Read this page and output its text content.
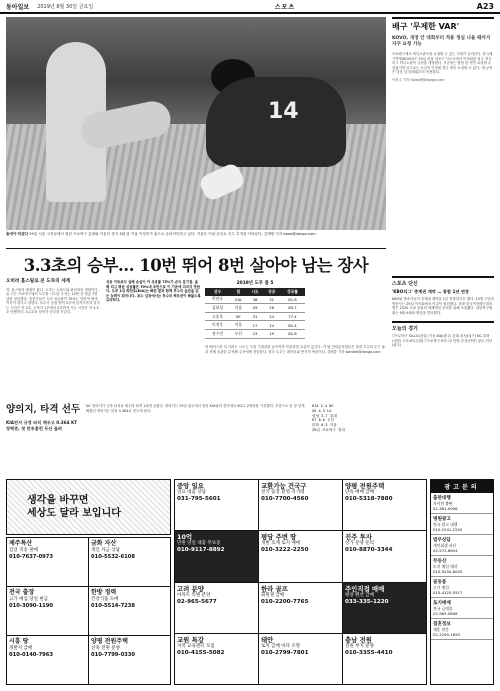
동아일보 2019년 8월 30일 금요일	스포츠	A23
14
홈에야 하겠다 29일 서울 고척돔에서 열린 프로야구 롯데와 키움의 경기 3회 말 키움 이정후가 홈으로 슬라이딩하고 있다. 키움은 이날 승리로 선두 추격을 이어갔다. 김재명 기자 base@donga.com
배구 '무제한 VAR'
KOVO, 개정 안 대회부터 적용 정심 나올 때까지 자꾸 요청 가능
프로배구에서 비디오판독을 요청할 수 있는 기회가 늘어난다. 한국배구연맹(KOVO)은 29일 서울 마포구 사무국에서 이사회를 열고 정규리그 비디오판독 규정을 개정했다. 기존에는 팀당 한 번만 요청할 수 있었지만 앞으로는 오심이 인정될 경우 계속 요청할 수 있다. 새 규정은 다음 달 컵대회부터 적용된다.
이원주 기자 takeoff@donga.com
3.3초의 승부… 10번 뛰어 8번 살아야 남는 장사
오히려 홈스틸로 본 도루의 세계
자, 홈스틸의 계절이 왔다. 도루는 스피드와 판단력의 결합이다. 올 시즌 프로야구에서 도루를 시도한 주자는 10번 중 평균 7번 남짓 성공했다. 전문가들은 도루 성공률이 75%는 넘어야 팀에 이득이 된다고 말한다. 포수가 공을 받아 2루에 던지기까지 걸리는 시간은 약 2초, 주자가 1루에서 2루까지 가는 시간은 약 3.3초 안팎이다. 0.1초의 차이가 승부를 가른다.
성공 이득보다 실패 손실이 커 성공률 75%가 손익 분기점. 올해 리그 평균 성공률은 70%대 초반으로 이 기준에 미치지 못한다. 도루 1위 박찬호(KIA)는 빠른 발과 함께 투수의 습관을 읽는 능력이 뛰어나다. 포수 입장에서는 투수의 퀵모션이 빠를수록 유리하다.
한 베이스를 더 가려는 시도는 득점 기대치를 높이지만 아웃되면 흐름이 끊긴다. 각 팀 전력분석원들은 상대 투수의 투구 폼과 견제 습관을 분석해 주자에게 전달한다. 결국 도루는 데이터와 용기의 싸움이다. 김배중 기자 wanted@donga.com
2019년 도루 톱 5
선수	팀	시도	성공	성공률
박찬호	KIA	38	31	81.6
김하성	키움	29	26	89.7
고종욱	SK	31	24	77.4
이정후	키움	17	14	82.4
정수빈	두산	23	19	82.6
스포츠 단신
'KBO리그' 중계권 계약 … 통합 1년 연장
KBO와 방송사들이 중계권 계약을 1년 연장하기로 했다. 10개 구단과 방송사는 29일 이사회에서 이같이 합의했다. 한편 한국여자배구대표팀은 2020 도쿄 올림픽 세계예선 준비를 위해 소집됐다. 대한축구협회는 9월 A매치 명단을 발표했다.
오늘의 경기
▽프로야구 SK-LG(잠실) 키움-KIA(광주) 롯데-삼성(대구) NC-한화(대전) 두산-KT(수원) ▽프로축구 K리그2 안양-부천(안양) 광주-전남(광주)
양의지, 타격 선두
KIA전서 규정 타석 채우고 0.364 KT 장백준, 첫 만루홈런 두산 올려
NC 양의지가 규정 타석을 채우며 타격 1위에 올랐다. 양의지는 29일 광주에서 열린 KIA와의 경기에서 4타수 2안타를 기록했다. 부상으로 한 달 넘게 빠졌던 양의지는 타율 0.364로 선두에 섰다.
KIA 2-4 NC
SK 4-5 LG
삼성 3-7 롯데
KT 8-6 두산
한화 0-3 키움
29일 프로야구 결과
생각을 바꾸면
세상도 달라 보입니다
제주특산
감귤 직송 판매
010-7637-0973
금화 자산
개인 자금 상담
010-5532-6108
전국 출장
고가 매입 당일 현금
010-3090-1190
한방 정력
건강식품 도매
010-5514-7238
시흥 땅
개발지 급매
010-0140-7963
양평 전원주택
신축 전원 분양
010-7799-0330
중앙 일요
일요 대출 상담
031-795-5601
교환가능 건국구
전국 출장 환영 직거래
010-7700-4560
양평 전원주택
단독 매매 급매
010-5318-7880
10억
만원 당일 대출 무보증
010-9117-8892
평당 주변 땅
개발 호재 토지 매매
010-3222-2250
진주 투자
상가 분양 문의
010-8870-3344
고려 분양
아파트 특별 분양
02-965-5677
한라 골프
회원권 급매
010-2200-7765
주인직접 매매
평창 펜션 급매
033-335-1220
교원 특강
지역 교육센터 모집
010-4155-5082
태안
토지 급매 바다 조망
010-2799-7801
충남 전원
전원 부지 분양
010-3355-4410
광고문의
출판대행
자서전 출판
02-361-0006
병원광고
전국 광고 대행
010-1541-2220
법무상담
개인회생 파산
02-572-6604
부동산
토지 매입 매각
010-9250-6005
골동품
고가 매입
010-4125-5517
토지매매
전국 급매물
02-963-0808
결혼정보
재혼 전문
02-2299-1850
